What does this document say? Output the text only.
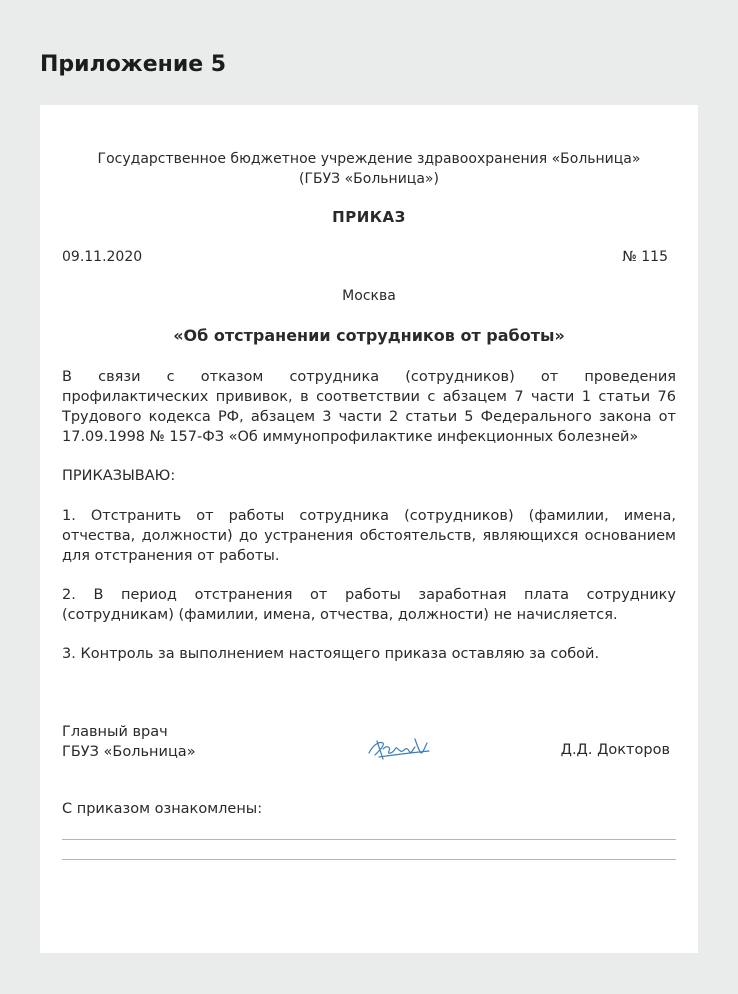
Приложение 5
Государственное бюджетное учреждение здравоохранения «Больница»
(ГБУЗ «Больница»)
ПРИКАЗ
09.11.2020	№ 115
Москва
«Об отстранении сотрудников от работы»
В связи с отказом сотрудника (сотрудников) от проведения профилактических прививок, в соответствии с абзацем 7 части 1 статьи 76 Трудового кодекса РФ, абзацем 3 части 2 статьи 5 Федерального закона от 17.09.1998 № 157-ФЗ «Об иммунопрофилактике инфекционных болезней»
ПРИКАЗЫВАЮ:
1. Отстранить от работы сотрудника (сотрудников) (фамилии, имена, отчества, должности) до устранения обстоятельств, являющихся основанием для отстранения от работы.
2. В период отстранения от работы заработная плата сотруднику (сотрудникам) (фамилии, имена, отчества, должности) не начисляется.
3. Контроль за выполнением настоящего приказа оставляю за собой.
Главный врач
ГБУЗ «Больница»	Д.Д. Докторов
С приказом ознакомлены:
